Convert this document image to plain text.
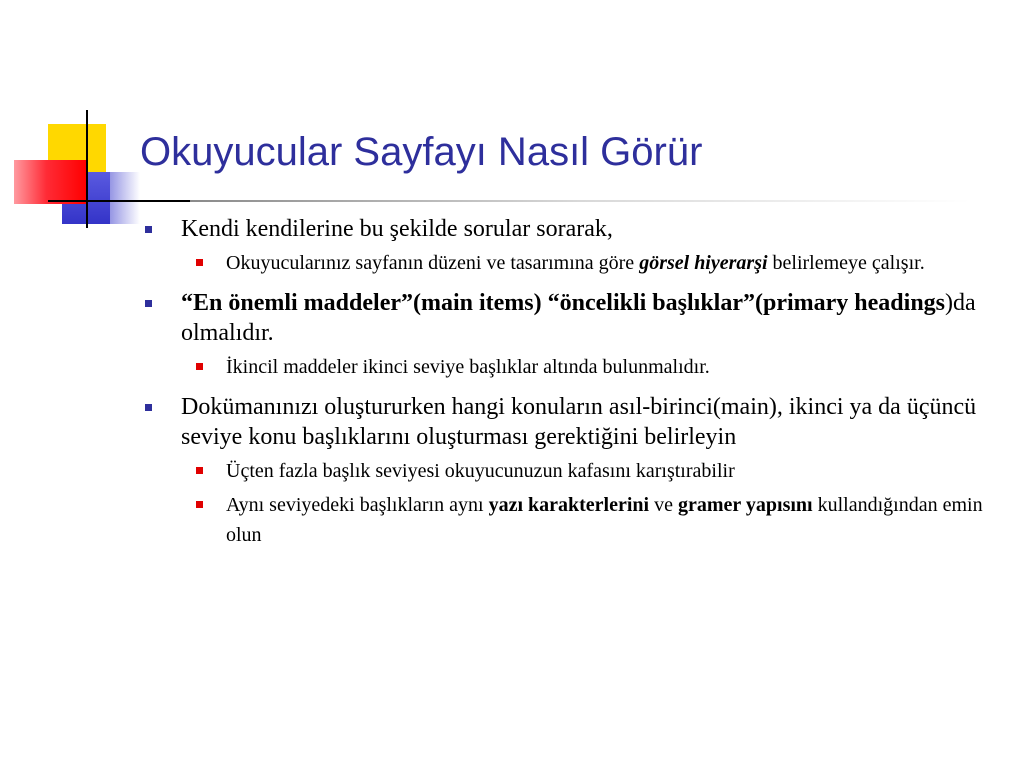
Okuyucular Sayfayı Nasıl Görür
Kendi kendilerine bu şekilde sorular sorarak,
Okuyucularınız sayfanın düzeni ve tasarımına göre görsel hiyerarşi belirlemeye çalışır.
“En önemli maddeler”(main items) “öncelikli başlıklar”(primary headings)da olmalıdır.
İkincil maddeler ikinci seviye başlıklar altında bulunmalıdır.
Dokümanınızı oluştururken hangi konuların asıl-birinci(main), ikinci ya da üçüncü seviye konu başlıklarını oluşturması gerektiğini belirleyin
Üçten fazla başlık seviyesi okuyucunuzun kafasını karıştırabilir
Aynı seviyedeki başlıkların aynı yazı karakterlerini ve gramer yapısını kullandığından emin olun
